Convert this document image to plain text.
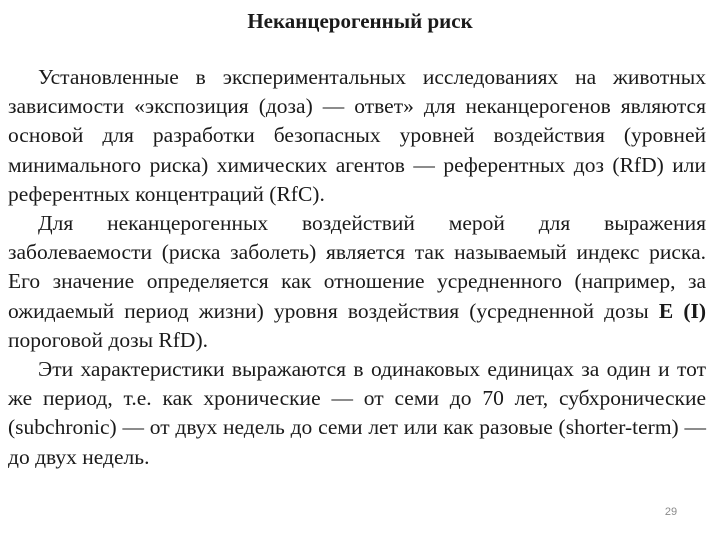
Неканцерогенный риск

Установленные в экспериментальных исследованиях на животных зависимости «экспозиция (доза) — ответ» для неканцерогенов являются основой для разработки безопасных уровней воздействия (уровней минимального риска) химических агентов — референтных доз (RfD) или референтных концентраций (RfC).

Для неканцерогенных воздействий мерой для выражения заболеваемости (риска заболеть) является так называемый индекс риска. Его значение определяется как отношение усредненного (например, за ожидаемый период жизни) уровня воздействия (усредненной дозы E (I) пороговой дозы RfD).

Эти характеристики выражаются в одинаковых единицах за один и тот же период, т.е. как хронические — от семи до 70 лет, субхронические (subchronic) — от двух недель до семи лет или как разовые (shorter-term) — до двух недель.

29
